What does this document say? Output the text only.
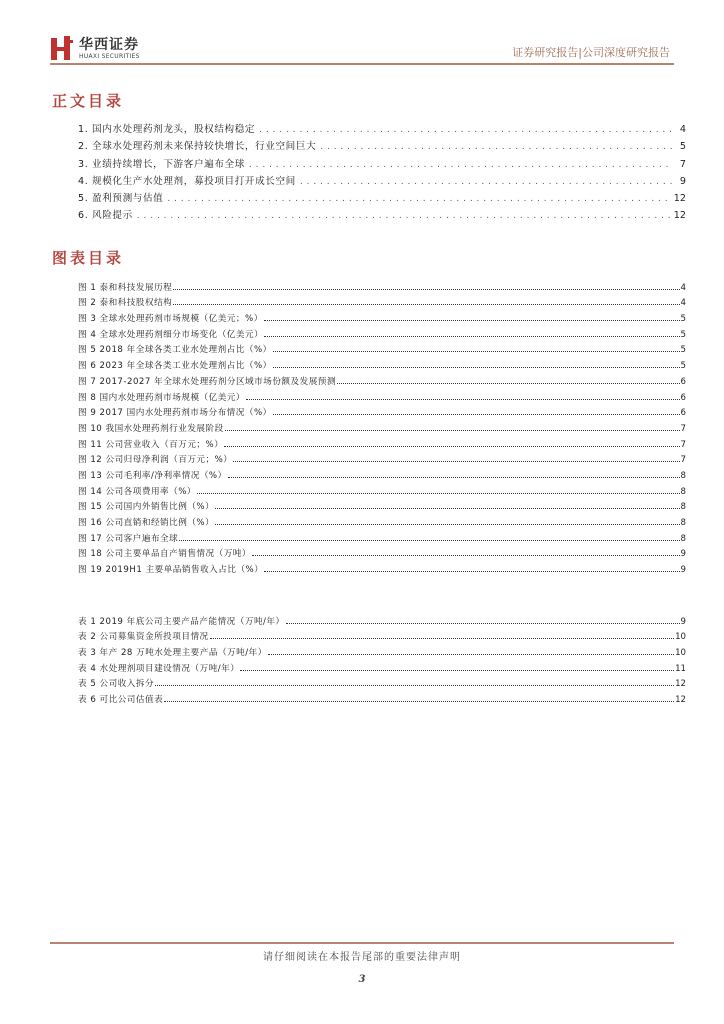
华西证券
HUAXI SECURITIES	证券研究报告|公司深度研究报告
正文目录
1. 国内水处理药剂龙头，股权结构稳定 . . .	4
2. 全球水处理药剂未来保持较快增长，行业空间巨大 . . .	5
3. 业绩持续增长，下游客户遍布全球 . . .	7
4. 规模化生产水处理剂，募投项目打开成长空间 . . .	9
5. 盈利预测与估值 . . .	12
6. 风险提示 . . .	12
图表目录
图 1 泰和科技发展历程	4
图 2 泰和科技股权结构	4
图 3 全球水处理药剂市场规模（亿美元；%）	5
图 4 全球水处理药剂细分市场变化（亿美元）	5
图 5 2018 年全球各类工业水处理剂占比（%）	5
图 6 2023 年全球各类工业水处理剂占比（%）	5
图 7 2017-2027 年全球水处理药剂分区域市场份额及发展预测	6
图 8 国内水处理药剂市场规模（亿美元）	6
图 9 2017 国内水处理药剂市场分布情况（%）	6
图 10 我国水处理药剂行业发展阶段	7
图 11 公司营业收入（百万元；%）	7
图 12 公司归母净利润（百万元；%）	7
图 13 公司毛利率/净利率情况（%）	8
图 14 公司各项费用率（%）	8
图 15 公司国内外销售比例（%）	8
图 16 公司直销和经销比例（%）	8
图 17 公司客户遍布全球	8
图 18 公司主要单品自产销售情况（万吨）	9
图 19 2019H1 主要单品销售收入占比（%）	9
表 1 2019 年底公司主要产品产能情况（万吨/年）	9
表 2 公司募集资金所投项目情况	10
表 3 年产 28 万吨水处理主要产品（万吨/年）	10
表 4 水处理剂项目建设情况（万吨/年）	11
表 5 公司收入拆分	12
表 6 可比公司估值表	12
请仔细阅读在本报告尾部的重要法律声明
3
